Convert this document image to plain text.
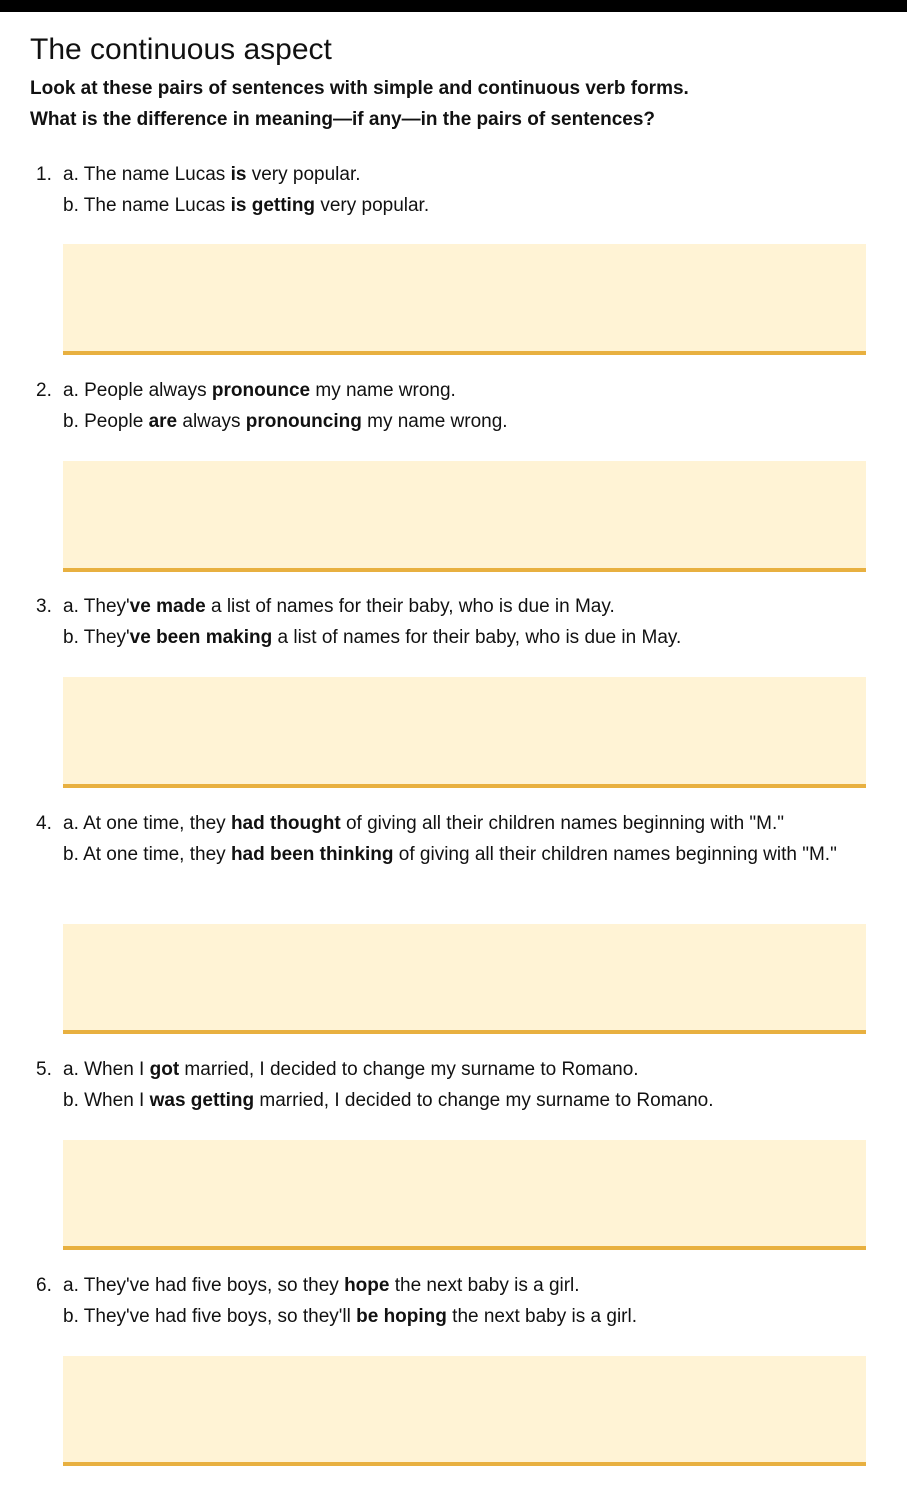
The continuous aspect
Look at these pairs of sentences with simple and continuous verb forms.
What is the difference in meaning—if any—in the pairs of sentences?
1. a. The name Lucas is very popular.
b. The name Lucas is getting very popular.
2. a. People always pronounce my name wrong.
b. People are always pronouncing my name wrong.
3. a. They've made a list of names for their baby, who is due in May.
b. They've been making a list of names for their baby, who is due in May.
4. a. At one time, they had thought of giving all their children names beginning with "M."
b. At one time, they had been thinking of giving all their children names beginning with "M."
5. a. When I got married, I decided to change my surname to Romano.
b. When I was getting married, I decided to change my surname to Romano.
6. a. They've had five boys, so they hope the next baby is a girl.
b. They've had five boys, so they'll be hoping the next baby is a girl.
